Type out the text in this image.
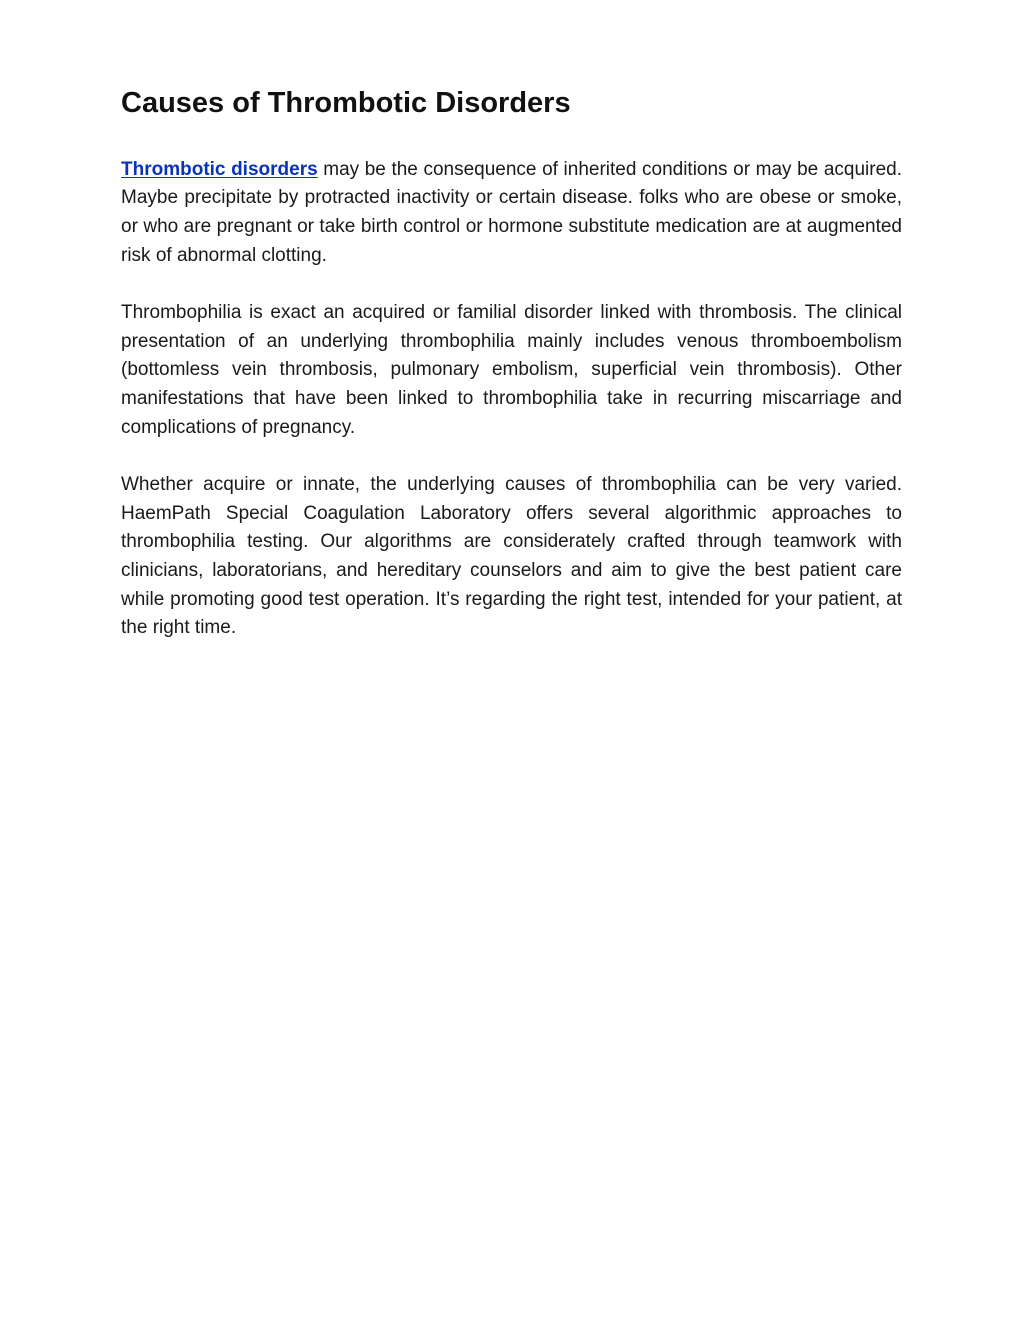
Causes of Thrombotic Disorders

Thrombotic disorders may be the consequence of inherited conditions or may be acquired. Maybe precipitate by protracted inactivity or certain disease. folks who are obese or smoke, or who are pregnant or take birth control or hormone substitute medication are at augmented risk of abnormal clotting.

Thrombophilia is exact an acquired or familial disorder linked with thrombosis. The clinical presentation of an underlying thrombophilia mainly includes venous thromboembolism (bottomless vein thrombosis, pulmonary embolism, superficial vein thrombosis). Other manifestations that have been linked to thrombophilia take in recurring miscarriage and complications of pregnancy.

Whether acquire or innate, the underlying causes of thrombophilia can be very varied. HaemPath Special Coagulation Laboratory offers several algorithmic approaches to thrombophilia testing. Our algorithms are considerately crafted through teamwork with clinicians, laboratorians, and hereditary counselors and aim to give the best patient care while promoting good test operation. It’s regarding the right test, intended for your patient, at the right time.
